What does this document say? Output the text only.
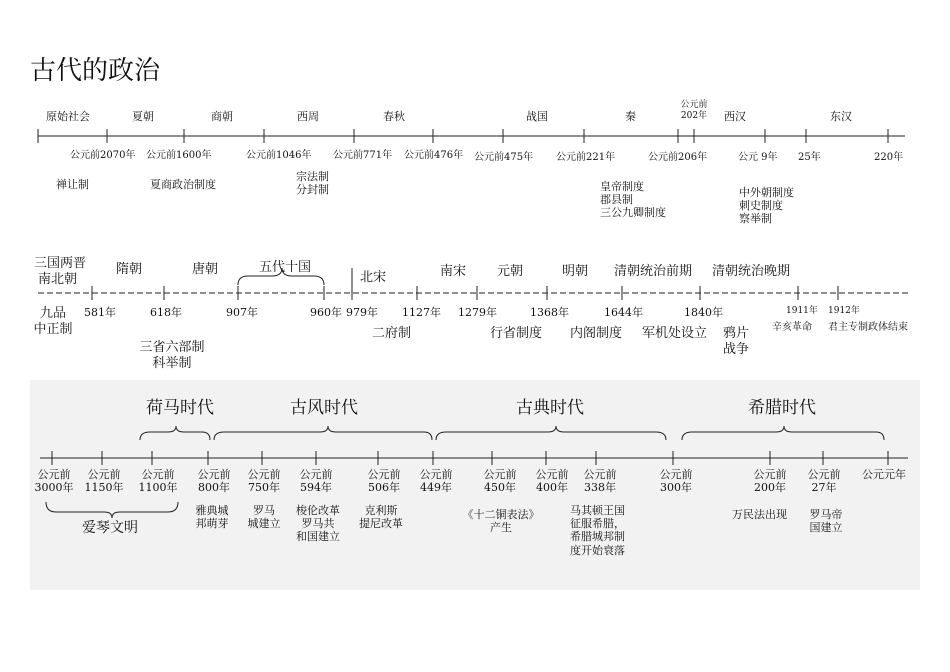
古代的政治
原始社会	夏朝	商朝	西周	春秋	战国	秦
公元前
202年	西汉	东汉
公元前2070年 公元前1600年	公元前1046年 公元前771年 公元前476年 公元前475年 公元前221年	公元前206年	公元 9年 25年	220年
禅让制	夏商政治制度
宗法制
分封制	皇帝制度
郡县制
三公九卿制度
中外朝制度
刺史制度
察举制
三国两晋
南北朝
隋朝	唐朝	五代十国
北宋	南宋 元朝	明朝 清朝统治前期 清朝统治晚期
581年	618年	907年	960年 979年 1127年 1279年	1368年	1644年	1840年	1911年 1912年
九品
中正制
三省六部制
科举制
二府制	行省制度 内阁制度 军机处设立	鸦片
战争
辛亥革命 君主专制政体结束
荷马时代	古风时代	古典时代	希腊时代
公元前
3000年
公元前
1150年
公元前
1100年
公元前
800年
公元前
750年
公元前
594年
公元前
506年
公元前
449年
公元前
450年
公元前
400年
公元前
338年
公元前
300年
公元前
200年
公元前
27年
公元元年
爱琴文明
雅典城
邦萌芽
罗马
城建立
梭伦改革
罗马共
和国建立
克利斯
提尼改革
《十二铜表法》
产生
马其顿王国
征服希腊，
希腊城邦制
度开始衰落
万民法出现	罗马帝
国建立
